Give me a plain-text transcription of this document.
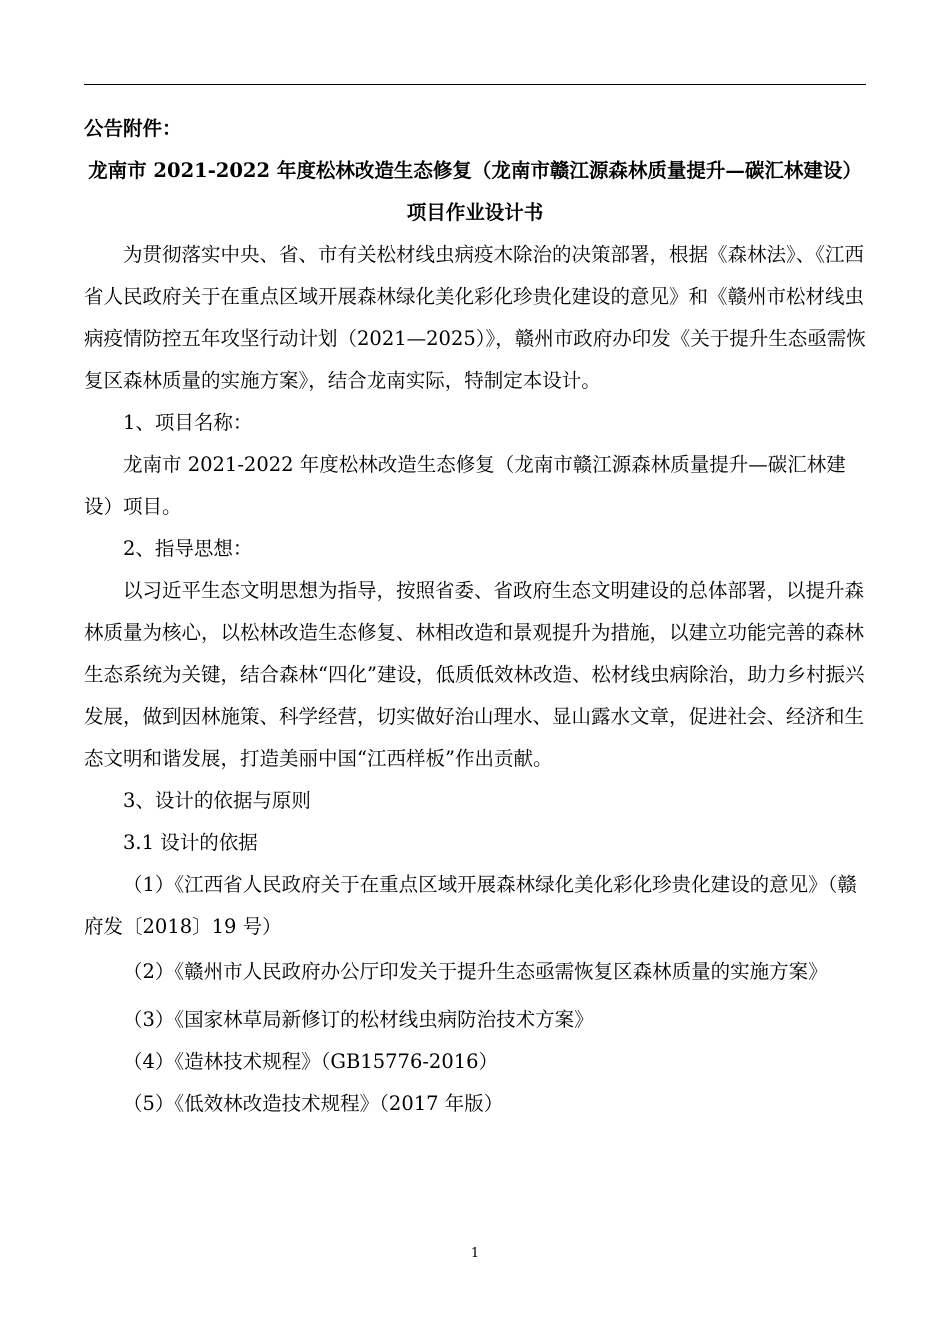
公告附件：

龙南市 2021-2022 年度松林改造生态修复（龙南市赣江源森林质量提升—碳汇林建设）项目作业设计书

为贯彻落实中央、省、市有关松材线虫病疫木除治的决策部署，根据《森林法》、《江西省人民政府关于在重点区域开展森林绿化美化彩化珍贵化建设的意见》和《赣州市松材线虫病疫情防控五年攻坚行动计划（2021—2025）》，赣州市政府办印发《关于提升生态亟需恢复区森林质量的实施方案》，结合龙南实际，特制定本设计。

1、项目名称：

龙南市 2021-2022 年度松林改造生态修复（龙南市赣江源森林质量提升—碳汇林建设）项目。

2、指导思想：

以习近平生态文明思想为指导，按照省委、省政府生态文明建设的总体部署，以提升森林质量为核心，以松林改造生态修复、林相改造和景观提升为措施，以建立功能完善的森林生态系统为关键，结合森林“四化”建设，低质低效林改造、松材线虫病除治，助力乡村振兴发展，做到因林施策、科学经营，切实做好治山理水、显山露水文章，促进社会、经济和生态文明和谐发展，打造美丽中国“江西样板”作出贡献。

3、设计的依据与原则

3.1 设计的依据

（1）《江西省人民政府关于在重点区域开展森林绿化美化彩化珍贵化建设的意见》（赣府发〔2018〕19 号）

（2）《赣州市人民政府办公厅印发关于提升生态亟需恢复区森林质量的实施方案》

（3）《国家林草局新修订的松材线虫病防治技术方案》

（4）《造林技术规程》（GB15776-2016）

（5）《低效林改造技术规程》（2017 年版）

1
